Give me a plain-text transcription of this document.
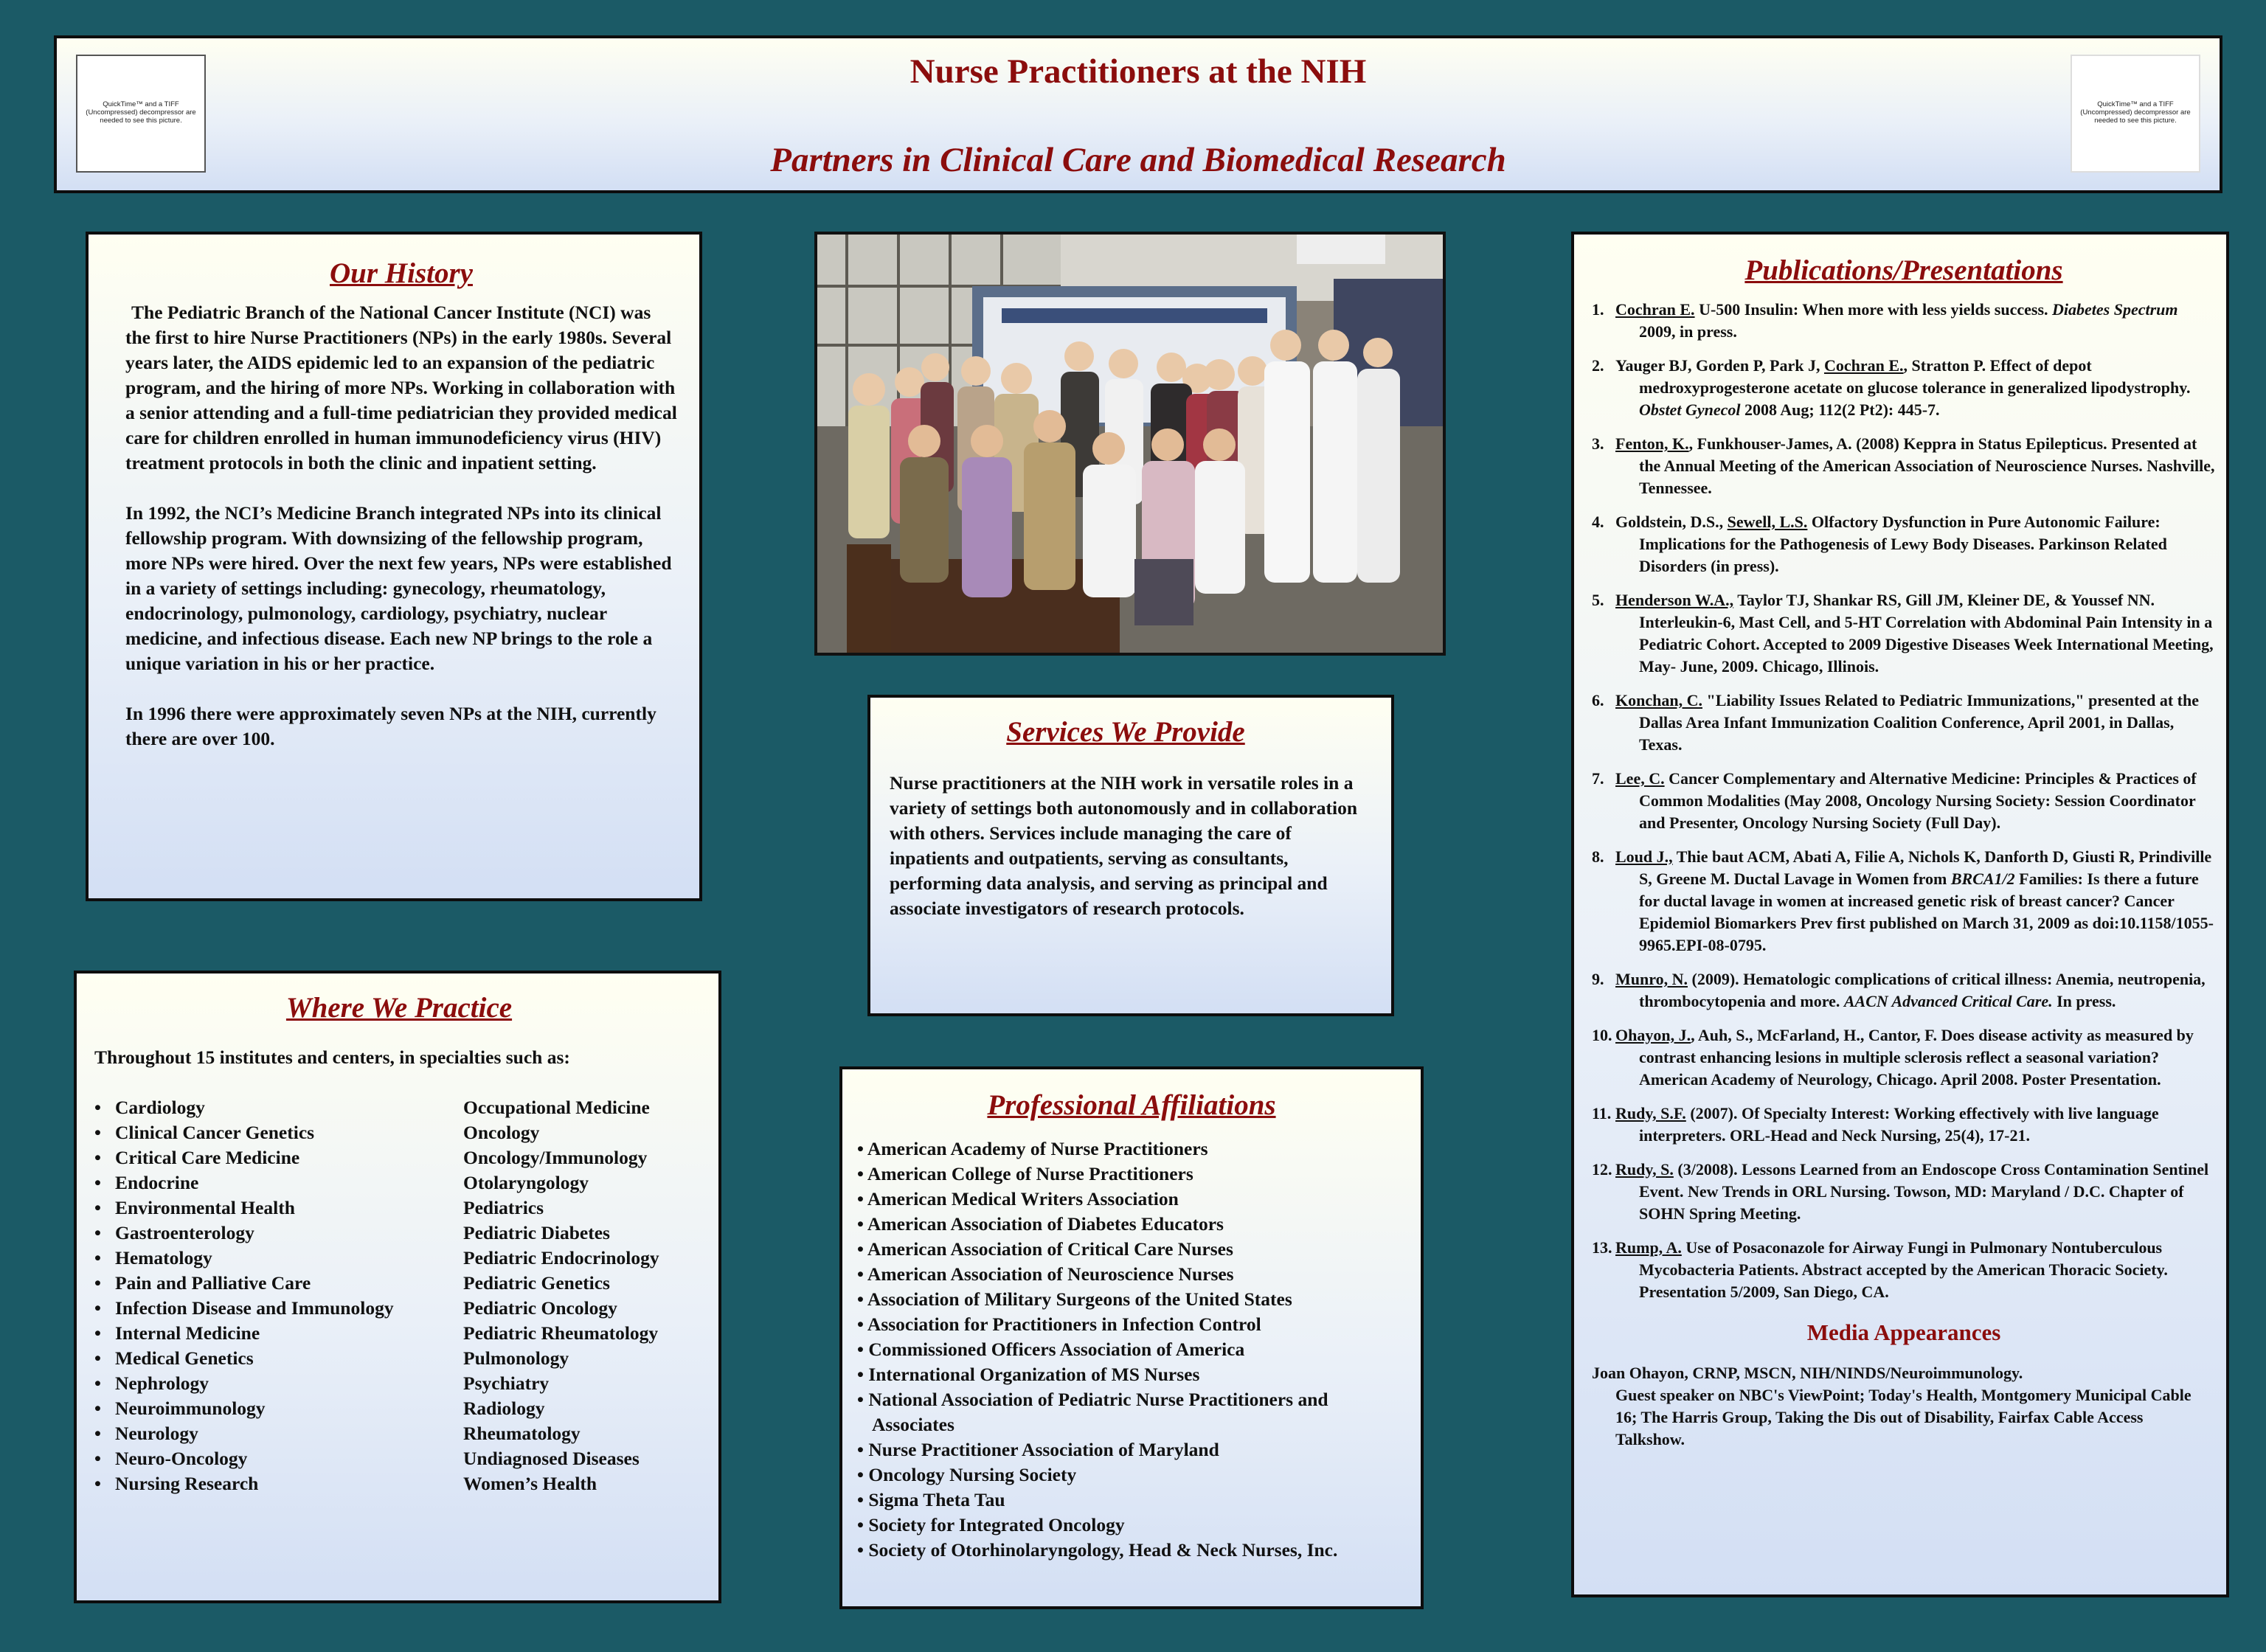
QuickTime™ and a TIFF (Uncompressed) decompressor are needed to see this picture.
Nurse Practitioners at the NIH
Partners in Clinical Care and Biomedical Research
QuickTime™ and a TIFF (Uncompressed) decompressor are needed to see this picture.
Our History

The Pediatric Branch of the National Cancer Institute (NCI) was the first to hire Nurse Practitioners (NPs) in the early 1980s. Several years later, the AIDS epidemic led to an expansion of the pediatric program, and the hiring of more NPs. Working in collaboration with a senior attending and a full-time pediatrician they provided medical care for children enrolled in human immunodeficiency virus (HIV) treatment protocols in both the clinic and inpatient setting.

In 1992, the NCI’s Medicine Branch integrated NPs into its clinical fellowship program. With downsizing of the fellowship program, more NPs were hired. Over the next few years, NPs were established in a variety of settings including: gynecology, rheumatology, endocrinology, pulmonology, cardiology, psychiatry, nuclear medicine, and infectious disease. Each new NP brings to the role a unique variation in his or her practice.

In 1996 there were approximately seven NPs at the NIH, currently there are over 100.	Services We Provide

Nurse practitioners at the NIH work in versatile roles in a variety of settings both autonomously and in collaboration with others. Services include managing the care of inpatients and outpatients, serving as consultants, performing data analysis, and serving as principal and associate investigators of research protocols.

Where We Practice

Throughout 15 institutes and centers, in specialties such as:

• Cardiology
• Clinical Cancer Genetics
• Critical Care Medicine
• Endocrine
• Environmental Health
• Gastroenterology
• Hematology
• Pain and Palliative Care
• Infection Disease and Immunology
• Internal Medicine
• Medical Genetics
• Nephrology
• Neuroimmunology
• Neurology
• Neuro-Oncology
• Nursing Research
Occupational Medicine
Oncology
Oncology/Immunology
Otolaryngology
Pediatrics
Pediatric Diabetes
Pediatric Endocrinology
Pediatric Genetics
Pediatric Oncology
Pediatric Rheumatology
Pulmonology
Psychiatry
Radiology
Rheumatology
Undiagnosed Diseases
Women’s Health
Professional Affiliations
• American Academy of Nurse Practitioners
• American College of Nurse Practitioners
• American Medical Writers Association
• American Association of Diabetes Educators
• American Association of Critical Care Nurses
• American Association of Neuroscience Nurses
• Association of Military Surgeons of the United States
• Association for Practitioners in Infection Control
• Commissioned Officers Association of America
• International Organization of MS Nurses
• National Association of Pediatric Nurse Practitioners and Associates
• Nurse Practitioner Association of Maryland
• Oncology Nursing Society
• Sigma Theta Tau
• Society for Integrated Oncology
• Society of Otorhinolaryngology, Head & Neck Nurses, Inc.
Publications/Presentations

1. Cochran E. U-500 Insulin: When more with less yields success. Diabetes Spectrum 2009, in press.

2. Yauger BJ, Gorden P, Park J, Cochran E., Stratton P. Effect of depot medroxyprogesterone acetate on glucose tolerance in generalized lipodystrophy. Obstet Gynecol 2008 Aug; 112(2 Pt2): 445-7.

3. Fenton, K., Funkhouser-James, A. (2008) Keppra in Status Epilepticus. Presented at the Annual Meeting of the American Association of Neuroscience Nurses. Nashville, Tennessee.

4. Goldstein, D.S., Sewell, L.S. Olfactory Dysfunction in Pure Autonomic Failure: Implications for the Pathogenesis of Lewy Body Diseases. Parkinson Related Disorders (in press).

5. Henderson W.A., Taylor TJ, Shankar RS, Gill JM, Kleiner DE, & Youssef NN. Interleukin-6, Mast Cell, and 5-HT Correlation with Abdominal Pain Intensity in a Pediatric Cohort. Accepted to 2009 Digestive Diseases Week International Meeting, May- June, 2009. Chicago, Illinois.

6. Konchan, C. "Liability Issues Related to Pediatric Immunizations," presented at the Dallas Area Infant Immunization Coalition Conference, April 2001, in Dallas, Texas.

7. Lee, C. Cancer Complementary and Alternative Medicine: Principles & Practices of Common Modalities (May 2008, Oncology Nursing Society: Session Coordinator and Presenter, Oncology Nursing Society (Full Day).

8. Loud J., Thie baut ACM, Abati A, Filie A, Nichols K, Danforth D, Giusti R, Prindiville S, Greene M. Ductal Lavage in Women from BRCA1/2 Families: Is there a future for ductal lavage in women at increased genetic risk of breast cancer? Cancer Epidemiol Biomarkers Prev first published on March 31, 2009 as doi:10.1158/1055-9965.EPI-08-0795.

9. Munro, N. (2009). Hematologic complications of critical illness: Anemia, neutropenia, thrombocytopenia and more. AACN Advanced Critical Care. In press.

10. Ohayon, J., Auh, S., McFarland, H., Cantor, F. Does disease activity as measured by contrast enhancing lesions in multiple sclerosis reflect a seasonal variation? American Academy of Neurology, Chicago. April 2008. Poster Presentation.

11. Rudy, S.F. (2007). Of Specialty Interest: Working effectively with live language interpreters. ORL-Head and Neck Nursing, 25(4), 17-21.

12. Rudy, S. (3/2008). Lessons Learned from an Endoscope Cross Contamination Sentinel Event. New Trends in ORL Nursing. Towson, MD: Maryland / D.C. Chapter of SOHN Spring Meeting.

13. Rump, A. Use of Posaconazole for Airway Fungi in Pulmonary Nontuberculous Mycobacteria Patients. Abstract accepted by the American Thoracic Society. Presentation 5/2009, San Diego, CA.

Media Appearances

Joan Ohayon, CRNP, MSCN, NIH/NINDS/Neuroimmunology.

Guest speaker on NBC's ViewPoint; Today's Health, Montgomery Municipal Cable 16; The Harris Group, Taking the Dis out of Disability, Fairfax Cable Access Talkshow.
